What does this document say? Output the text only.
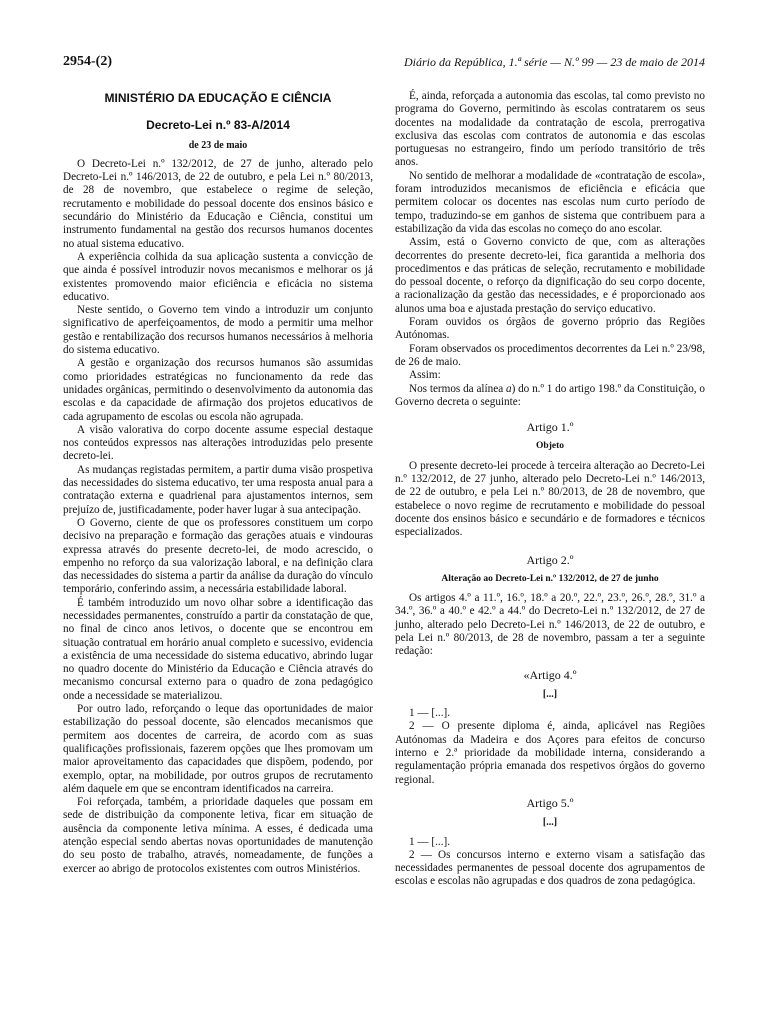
2954-(2)	Diário da República, 1.ª série — N.º 99 — 23 de maio de 2014
MINISTÉRIO DA EDUCAÇÃO E CIÊNCIA
Decreto-Lei n.º 83-A/2014
de 23 de maio

O Decreto-Lei n.º 132/2012, de 27 de junho, alterado pelo Decreto-Lei n.º 146/2013, de 22 de outubro, e pela Lei n.º 80/2013, de 28 de novembro, que estabelece o regime de seleção, recrutamento e mobilidade do pessoal docente dos ensinos básico e secundário do Ministério da Educação e Ciência, constitui um instrumento fundamental na gestão dos recursos humanos docentes no atual sistema educativo.

A experiência colhida da sua aplicação sustenta a convicção de que ainda é possível introduzir novos mecanismos e melhorar os já existentes promovendo maior eficiência e eficácia no sistema educativo.

Neste sentido, o Governo tem vindo a introduzir um conjunto significativo de aperfeiçoamentos, de modo a permitir uma melhor gestão e rentabilização dos recursos humanos necessários à melhoria do sistema educativo.

A gestão e organização dos recursos humanos são assumidas como prioridades estratégicas no funcionamento da rede das unidades orgânicas, permitindo o desenvolvimento da autonomia das escolas e da capacidade de afirmação dos projetos educativos de cada agrupamento de escolas ou escola não agrupada.

A visão valorativa do corpo docente assume especial destaque nos conteúdos expressos nas alterações introduzidas pelo presente decreto-lei.

As mudanças registadas permitem, a partir duma visão prospetiva das necessidades do sistema educativo, ter uma resposta anual para a contratação externa e quadrienal para ajustamentos internos, sem prejuízo de, justificadamente, poder haver lugar à sua antecipação.

O Governo, ciente de que os professores constituem um corpo decisivo na preparação e formação das gerações atuais e vindouras expressa através do presente decreto-lei, de modo acrescido, o empenho no reforço da sua valorização laboral, e na definição clara das necessidades do sistema a partir da análise da duração do vínculo temporário, conferindo assim, a necessária estabilidade laboral.

É também introduzido um novo olhar sobre a identificação das necessidades permanentes, construído a partir da constatação de que, no final de cinco anos letivos, o docente que se encontrou em situação contratual em horário anual completo e sucessivo, evidencia a existência de uma necessidade do sistema educativo, abrindo lugar no quadro docente do Ministério da Educação e Ciência através do mecanismo concursal externo para o quadro de zona pedagógico onde a necessidade se materializou.

Por outro lado, reforçando o leque das oportunidades de maior estabilização do pessoal docente, são elencados mecanismos que permitem aos docentes de carreira, de acordo com as suas qualificações profissionais, fazerem opções que lhes promovam um maior aproveitamento das capacidades que dispõem, podendo, por exemplo, optar, na mobilidade, por outros grupos de recrutamento além daquele em que se encontram identificados na carreira.

Foi reforçada, também, a prioridade daqueles que possam em sede de distribuição da componente letiva, ficar em situação de ausência da componente letiva mínima. A esses, é dedicada uma atenção especial sendo abertas novas oportunidades de manutenção do seu posto de trabalho, através, nomeadamente, de funções a exercer ao abrigo de protocolos existentes com outros Ministérios.

É, ainda, reforçada a autonomia das escolas, tal como previsto no programa do Governo, permitindo às escolas contratarem os seus docentes na modalidade da contratação de escola, prerrogativa exclusiva das escolas com contratos de autonomia e das escolas portuguesas no estrangeiro, findo um período transitório de três anos.

No sentido de melhorar a modalidade de «contratação de escola», foram introduzidos mecanismos de eficiência e eficácia que permitem colocar os docentes nas escolas num curto período de tempo, traduzindo-se em ganhos de sistema que contribuem para a estabilização da vida das escolas no começo do ano escolar.

Assim, está o Governo convicto de que, com as alterações decorrentes do presente decreto-lei, fica garantida a melhoria dos procedimentos e das práticas de seleção, recrutamento e mobilidade do pessoal docente, o reforço da dignificação do seu corpo docente, a racionalização da gestão das necessidades, e é proporcionado aos alunos uma boa e ajustada prestação do serviço educativo.

Foram ouvidos os órgãos de governo próprio das Regiões Autónomas.

Foram observados os procedimentos decorrentes da Lei n.º 23/98, de 26 de maio.

Assim:

Nos termos da alínea a) do n.º 1 do artigo 198.º da Constituição, o Governo decreta o seguinte:

Artigo 1.º
Objeto

O presente decreto-lei procede à terceira alteração ao Decreto-Lei n.º 132/2012, de 27 junho, alterado pelo Decreto-Lei n.º 146/2013, de 22 de outubro, e pela Lei n.º 80/2013, de 28 de novembro, que estabelece o novo regime de recrutamento e mobilidade do pessoal docente dos ensinos básico e secundário e de formadores e técnicos especializados.

Artigo 2.º
Alteração ao Decreto-Lei n.º 132/2012, de 27 de junho

Os artigos 4.º a 11.º, 16.º, 18.º a 20.º, 22.º, 23.º, 26.º, 28.º, 31.º a 34.º, 36.º a 40.º e 42.º a 44.º do Decreto-Lei n.º 132/2012, de 27 de junho, alterado pelo Decreto-Lei n.º 146/2013, de 22 de outubro, e pela Lei n.º 80/2013, de 28 de novembro, passam a ter a seguinte redação:

«Artigo 4.º
[...]

1 — [...].

2 — O presente diploma é, ainda, aplicável nas Regiões Autónomas da Madeira e dos Açores para efeitos de concurso interno e 2.ª prioridade da mobilidade interna, considerando a regulamentação própria emanada dos respetivos órgãos do governo regional.

Artigo 5.º
[...]

1 — [...].

2 — Os concursos interno e externo visam a satisfação das necessidades permanentes de pessoal docente dos agrupamentos de escolas e escolas não agrupadas e dos quadros de zona pedagógica.
